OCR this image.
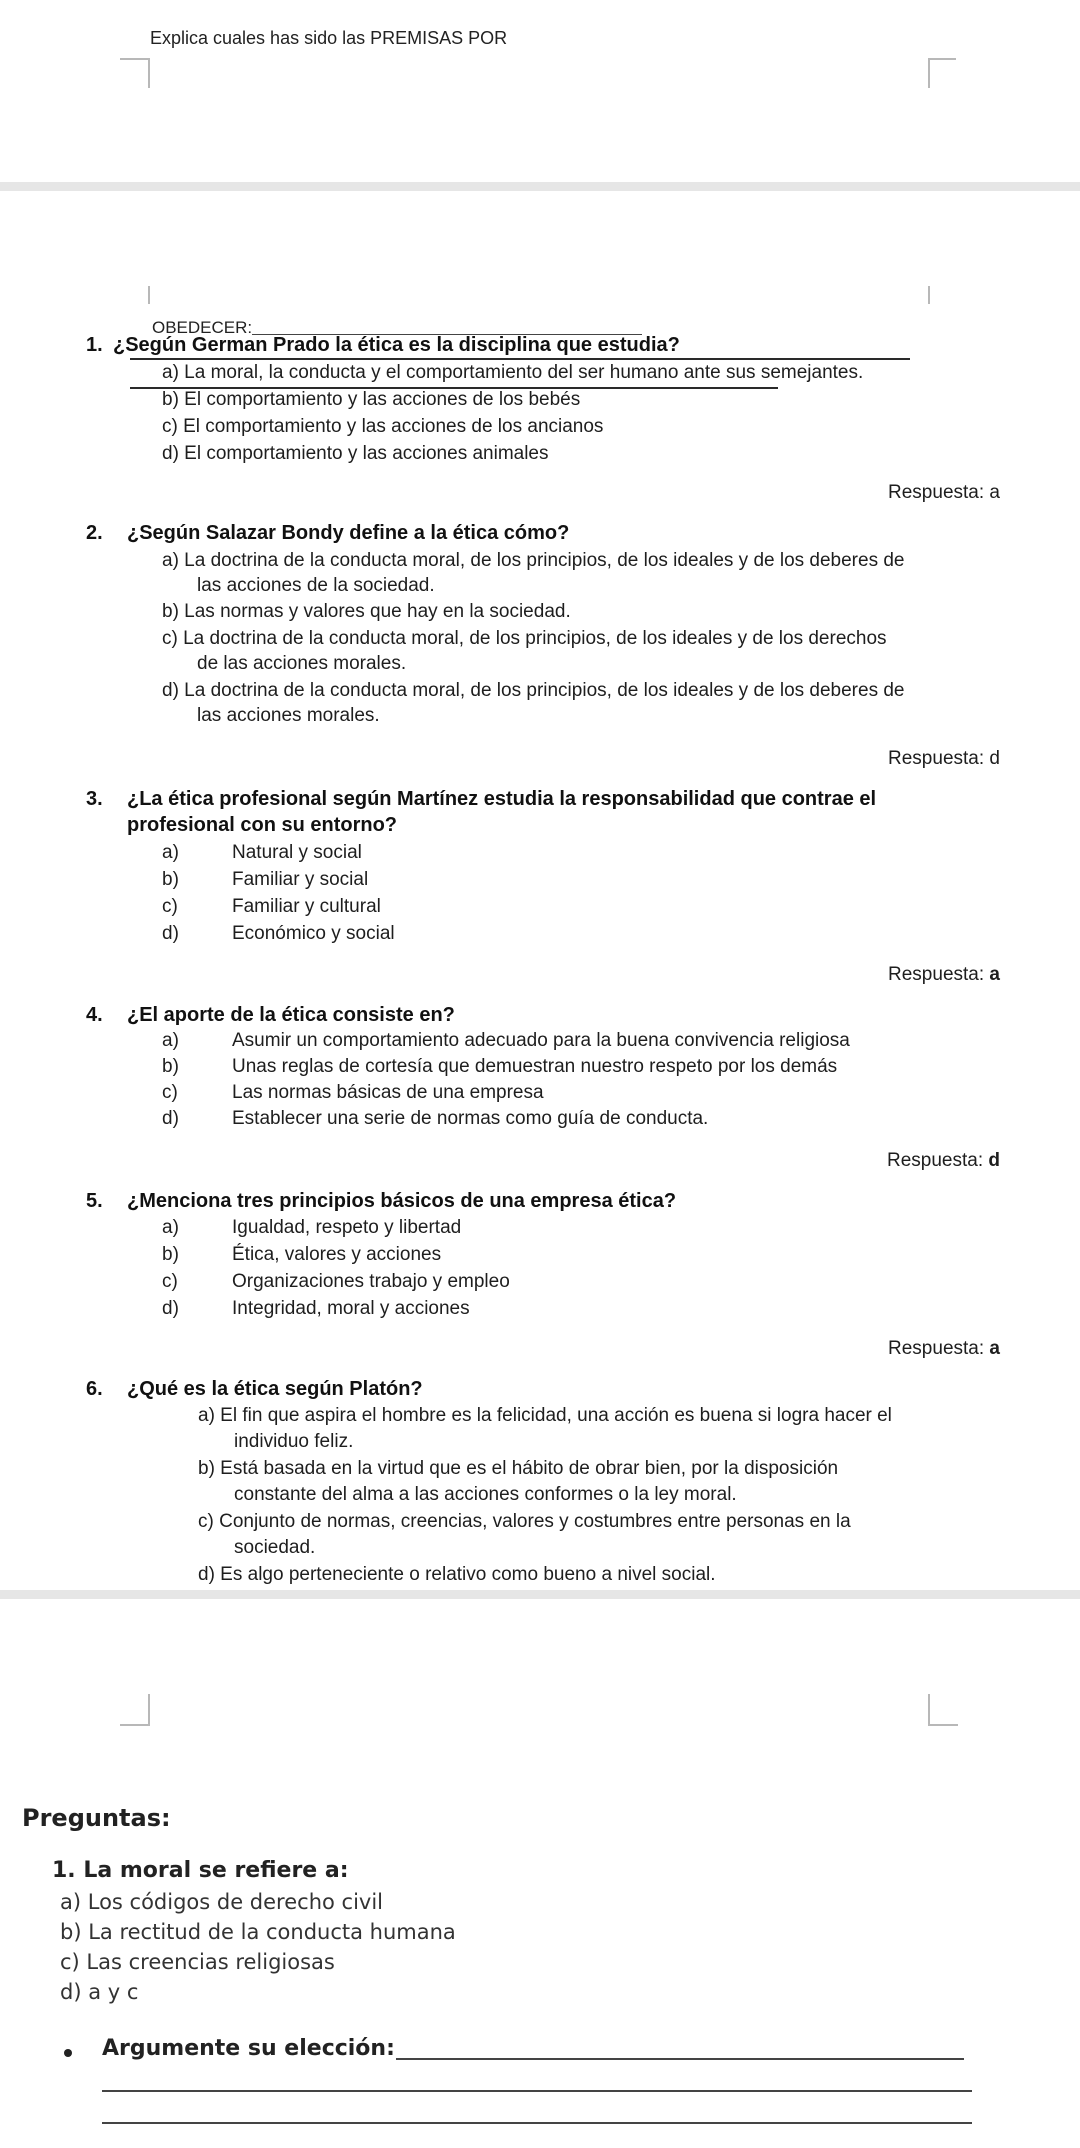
Explica cuales has sido las PREMISAS POR
OBEDECER:
1. ¿Según German Prado la ética es la disciplina que estudia?
a) La moral, la conducta y el comportamiento del ser humano ante sus semejantes.
b) El comportamiento y las acciones de los bebés
c) El comportamiento y las acciones de los ancianos
d) El comportamiento y las acciones animales
Respuesta: a
2. ¿Según Salazar Bondy define a la ética cómo?
a) La doctrina de la conducta moral, de los principios, de los ideales y de los deberes de
las acciones de la sociedad.
b) Las normas y valores que hay en la sociedad.
c) La doctrina de la conducta moral, de los principios, de los ideales y de los derechos
de las acciones morales.
d) La doctrina de la conducta moral, de los principios, de los ideales y de los deberes de
las acciones morales.
Respuesta: d
3. ¿La ética profesional según Martínez estudia la responsabilidad que contrae el
profesional con su entorno?
a)	Natural y social
b)	Familiar y social
c)	Familiar y cultural
d)	Económico y social
Respuesta: a
4. ¿El aporte de la ética consiste en?
a)	Asumir un comportamiento adecuado para la buena convivencia religiosa
b)	Unas reglas de cortesía que demuestran nuestro respeto por los demás
c)	Las normas básicas de una empresa
d)	Establecer una serie de normas como guía de conducta.
Respuesta: d
5. ¿Menciona tres principios básicos de una empresa ética?
a)	Igualdad, respeto y libertad
b)	Ética, valores y acciones
c)	Organizaciones trabajo y empleo
d)	Integridad, moral y acciones
Respuesta: a
6. ¿Qué es la ética según Platón?
a) El fin que aspira el hombre es la felicidad, una acción es buena si logra hacer el
individuo feliz.
b) Está basada en la virtud que es el hábito de obrar bien, por la disposición
constante del alma a las acciones conformes o la ley moral.
c) Conjunto de normas, creencias, valores y costumbres entre personas en la
sociedad.
d) Es algo perteneciente o relativo como bueno a nivel social.
Preguntas:
1. La moral se refiere a:
a) Los códigos de derecho civil
b) La rectitud de la conducta humana
c) Las creencias religiosas
d) a y c
Argumente su elección:
